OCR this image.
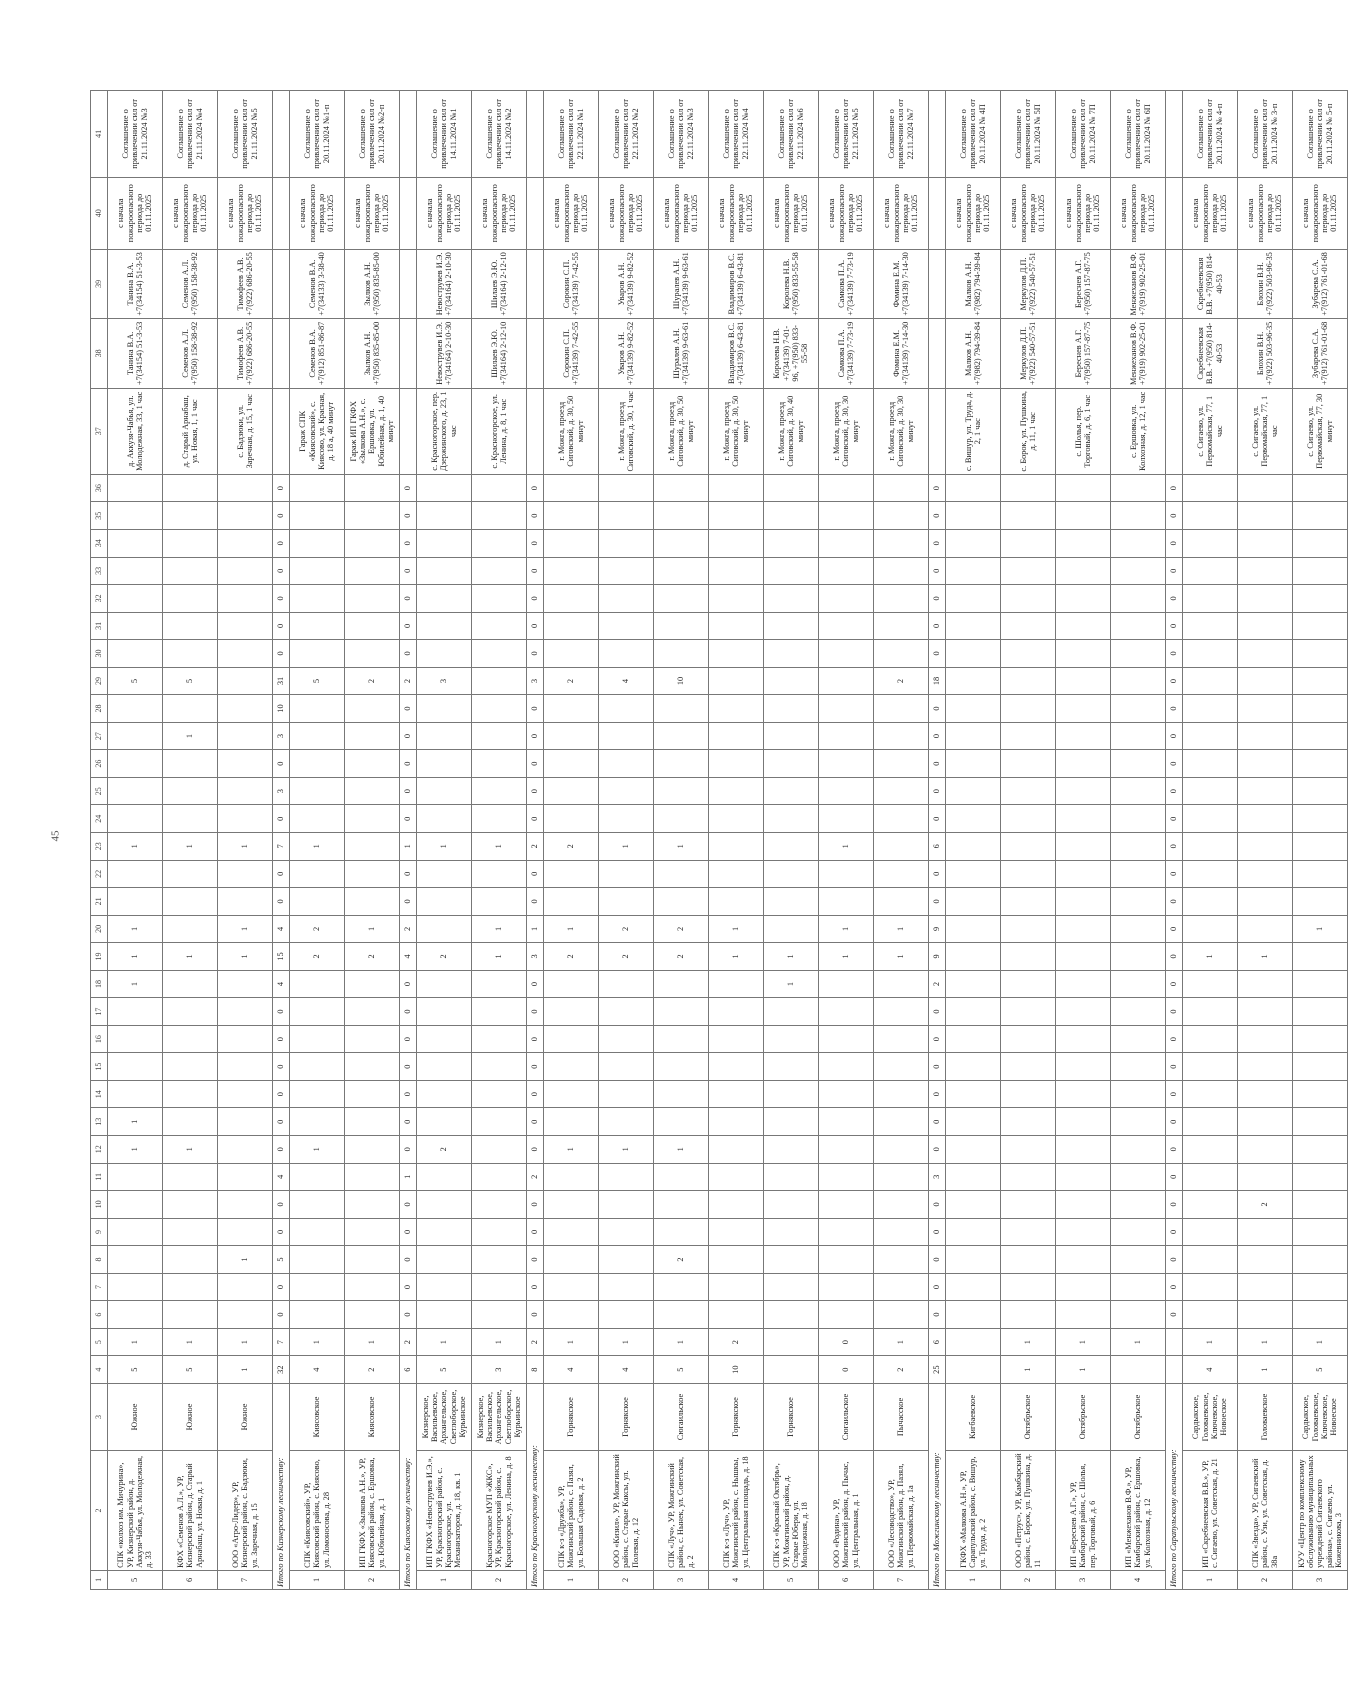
45
1	2	3	4	5	6	7	8	9	10	11	12	13	14	15	16	17	18	19	20	21	22	23	24	25	26	27	28	29	30	31	32	33	34	35	36	37	38	39	40	41
5	СПК «колхоз им. Мичурина», УР, Кизнерский район, д. Аккузя-Чабья, ул. Молодежная, д. 33	Южное	5	1							1	1					1	1	1			1						5								д. Аккузя-Чабья, ул. Молодежная, 33, 1 час	Танина В.А. +7(34154) 51-3-53	Танина В.А. +7(34154) 51-3-53	с начала пожароопасного периода до 01.11.2025	Соглашение о привлечении сил от 21.11.2024 №3
6	КФХ «Семенов А.Л.», УР, Кизнерский район, д. Старый Арнабаш, ул. Новая, д. 1	Южное	5	1							1							1				1				1		5								д. Старый Арнабаш, ул. Новая, 1, 1 час	Семенов А.Л. +7(950) 158-38-92	Семенов А.Л. +7(950) 158-38-92	с начала пожароопасного периода до 01.11.2025	Соглашение о привлечении сил от 21.11.2024 №4
7	ООО «Агро-Лидер», УР, Кизнерский район, с. Бадзюки, ул. Заречная, д. 15	Южное	1	1			1											1	1			1														с. Бадзюки, ул. Заречная, д. 15, 1 час	Тимофеев А.В. +7(922) 686-20-55	Тимофеев А.В. +7(922) 686-20-55	с начала пожароопасного периода до 01.11.2025	Соглашение о привлечении сил от 21.11.2024 №5
Итого по Кизнерскому лесничеству:			32	7	0	0	5	0	0	4	0	0	0	0	0	0	4	15	4	0	0	7	0	3	0	3	10	31	0	0	0	0	0	0	0					
1	СПК «Киясовский», УР, Киясовский район, с. Киясово, ул. Ломоносова, д. 28	Киясовское	4	1							1							2	2			1						5								Гараж СПК «Киясовский», с. Киясово, ул. Красная, д. 18 а, 40 минут	Семенов В.А. +7(912) 851-86-87	Семенов В.А. +7(34133) 3-38-40	с начала пожароопасного периода до 01.11.2025	Соглашение о привлечении сил от 20.11.2024 №1-п
2	ИП ГКФХ «Зылкова А.Н.», УР, Киясовский район, с. Ершовка, ул. Юбилейная, д. 1	Киясовское	2	1														2	1									2								Гараж ИП ГКФХ «Зылкова А.Н.», с. Ершовка, ул. Юбилейная, д. 1, 40 минут	Зылков А.Н. +7(950) 835-85-00	Зылков А.Н. +7(950) 835-85-00	с начала пожароопасного периода до 01.11.2025	Соглашение о привлечении сил от 20.11.2024 №2-п
Итого по Киясовскому лесничеству:			6	2	0	0	0	0	0	1	0	0	0	0	0	0	0	4	2	0	0	1	0	0	0	0	0	2	0	0	0	0	0	0	0					
1	ИП ГКФХ «Невострувев И.Э.», УР, Красногорский район, с. Красногорское, ул. Механизаторов, д. 18, кв. 1	Кизнерское, Васильевское, Архангельское, Светлоборское, Курьинское	5	1							2							2				1						3								с. Красногорское, пер. Дзержинского, д. 23, 1 час	Невострувев И.Э. +7(34164) 2-10-30	Невострувев И.Э. +7(34164) 2-10-30	с начала пожароопасного периода до 01.11.2025	Соглашение о привлечении сил от 14.11.2024 №1
2	Красногорское МУП «ЖКС», УР, Красногорский район, с. Красногорское, ул. Ленина, д. 8	Кизнерское, Васильевское, Архангельское, Светлоборское, Курьинское	3	1														1	1			1														с. Красногорское, ул. Ленина, д. 8, 1 час	Шилаев Э.Ю. +7(34164) 2-12-10	Шилаев Э.Ю. +7(34164) 2-12-10	с начала пожароопасного периода до 01.11.2025	Соглашение о привлечении сил от 14.11.2024 №2
Итого по Красногорскому лесничеству:			8	2	0	0	0	0	0	2	0	0	0	0	0	0	0	3	1	0	0	2	0	0	0	0	0	3	0	0	0	0	0	0	0					
1	СПК к-з «Дружба», УР, Можгинский район, с. Пазял, ул. Большая Садовая, д. 2	Горнякское	4	1							1							2	1			2						2								г. Можга, проезд Сиговский, д. 30, 50 минут	Сорокин С.П. +7(34139) 7-42-55	Сорокин С.П. +7(34139) 7-42-55	с начала пожароопасного периода до 01.11.2025	Соглашение о привлечении сил от 22.11.2024 №1
2	ООО «Кизил», УР, Можгинский район, с. Старые Каксы, ул. Полевая, д. 12	Горнякское	4	1							1							2	2			1						4								г. Можга, проезд Сиговский, д. 30, 1 час	Уваров А.Н. +7(34139) 9-82-52	Уваров А.Н. +7(34139) 9-82-52	с начала пожароопасного периода до 01.11.2025	Соглашение о привлечении сил от 22.11.2024 №2
3	СПК «Луч», УР, Можгинский район, с. Нынек, ул. Советская, д. 2	Сюгаильское	5	1			2				1							2	2			1						10								г. Можга, проезд Сиговский, д. 30, 50 минут	Шуралев А.Н. +7(34139) 9-63-61	Шуралев А.Н. +7(34139) 9-63-61	с начала пожароопасного периода до 01.11.2025	Соглашение о привлечении сил от 22.11.2024 №3
4	СПК к-з «Луч», УР, Можгинский район, с. Нышкы, ул. Центральная площадь, д. 18	Горнякское	10	2														1	1																	г. Можга, проезд Сиговский, д. 30, 50 минут	Владимиров В.С. +7(34139) 6-43-81	Владимиров В.С. +7(34139) 6-43-81	с начала пожароопасного периода до 01.11.2025	Соглашение о привлечении сил от 22.11.2024 №4
5	СПК к-з «Красный Октябрь», УР, Можгинский район, д. Старые Юбери, ул. Молодежная, д. 18	Горнякское															1	1																		г. Можга, проезд Сиговский, д. 30, 40 минут	Королева Н.В. +7(34139) 7-01-96, +7(950) 833-55-58	Королева Н.В. +7(950) 833-55-58	с начала пожароопасного периода до 01.11.2025	Соглашение о привлечении сил от 22.11.2024 №6
6	ООО «Родина», УР, Можгинский район, д. Пычас, ул. Центральная, д. 1	Сюгаильское	0	0														1	1			1														г. Можга, проезд Сиговский, д. 30, 30 минут	Самкова П.А. +7(34139) 7-73-19	Самкова П.А. +7(34139) 7-73-19	с начала пожароопасного периода до 01.11.2025	Соглашение о привлечении сил от 22.11.2024 №5
7	ООО «Лесоводство», УР, Можгинский район, д. Пазял, ул. Первомайская, д. 1а	Пычасское	2	1														1	1									2								г. Можга, проезд Сиговский, д. 30, 30 минут	Фомина Е.М. +7(34139) 7-14-30	Фомина Е.М. +7(34139) 7-14-30	с начала пожароопасного периода до 01.11.2025	Соглашение о привлечении сил от 22.11.2024 №7
Итого по Можгинскому лесничеству:			25	6	0	0	0	0	0	3	0	0	0	0	0	0	2	9	9	0	0	6	0	0	0	0	0	18	0	0	0	0	0	0	0					
1	ГКФХ «Малкова А.Н.», УР, Сарапульский район, с. Вишур, ул. Труда, д. 2	Кигбаевское																																		с. Вишур, ул. Труда, д. 2, 1 час	Малков А.Н. +7(982) 794-39-84	Малков А.Н. +7(982) 794-39-84	с начала пожароопасного периода до 01.11.2025	Соглашение о привлечении сил от 20.11.2024 № 4П
2	ООО «Петрус», УР, Камбарский район, с. Борок, ул. Пушкина, д. 11	Октябрьское	1	1																																с. Борок, ул. Пушкина, д. 11, 1 час	Меркулов Д.П. +7(922) 540-57-51	Меркулов Д.П. +7(922) 540-57-51	с начала пожароопасного периода до 01.11.2025	Соглашение о привлечении сил от 20.11.2024 № 5П
3	ИП «Береснев А.Г.», УР, Камбарский район, с. Шолья, пер. Торговый, д. 6	Октябрьское	1	1																																с. Шолья, пер. Торговый, д. 6, 1 час	Береснев А.Г. +7(950) 157-87-75	Береснев А.Г. +7(950) 157-87-75	с начала пожароопасного периода до 01.11.2025	Соглашение о привлечении сил от 20.11.2024 № 7П
4	ИП «Менжеханов В.Ф.», УР, Камбарский район, с. Ершовка, ул. Колхозная, д. 12	Октябрьское		1																																с. Ершовка, ул. Колхозная, д. 12, 1 час	Менжеханов В.Ф. +7(919) 902-25-01	Менжеханов В.Ф. +7(919) 902-25-01	с начала пожароопасного периода до 01.11.2025	Соглашение о привлечении сил от 20.11.2024 № 6П
Итого по Сарапульскому лесничеству:					0	0	0	0	0	0	0	0	0	0	0	0	0	0	0	0	0	0	0	0	0	0	0	0	0	0	0	0	0	0	0					
1	ИП «Скребнеевская В.В.», УР, с. Сигаево, ул. Советская, д. 21	Сардыкское, Головаевское, Ключевское, Новоеское	4	1														1																		с. Сигаево, ул. Первомайская, 77, 1 час	Скребнеевская В.В. +7(950) 814-40-53	Скребнеевская В.В. +7(950) 814-40-53	с начала пожароопасного периода до 01.11.2025	Соглашение о привлечении сил от 20.11.2024 № 4-п
2	СПК «Звезда», УР, Сигаевский район, с. Узи, ул. Советская, д. 38а	Головаевское	1	1					2									1																		с. Сигаево, ул. Первомайская, 77, 1 час	Блохин В.Н. +7(922) 503-96-35	Блохин В.Н. +7(922) 503-96-35	с начала пожароопасного периода до 01.11.2025	Соглашение о привлечении сил от 20.11.2024 № 3-п
3	КУУ «Центр по комплексному обслуживанию муниципальных учреждений Сигаевского района», с. Сигаево, ул. Кожевникова, 3	Сардыкское, Головаевское, Ключевское, Новоеское	5	1															1																	с. Сигаево, ул. Первомайская, 77, 30 минут	Зубарева С.А. +7(912) 761-01-68	Зубарева С.А. +7(912) 761-01-68	с начала пожароопасного периода до 01.11.2025	Соглашение о привлечении сил от 20.11.2024 № 5-п
